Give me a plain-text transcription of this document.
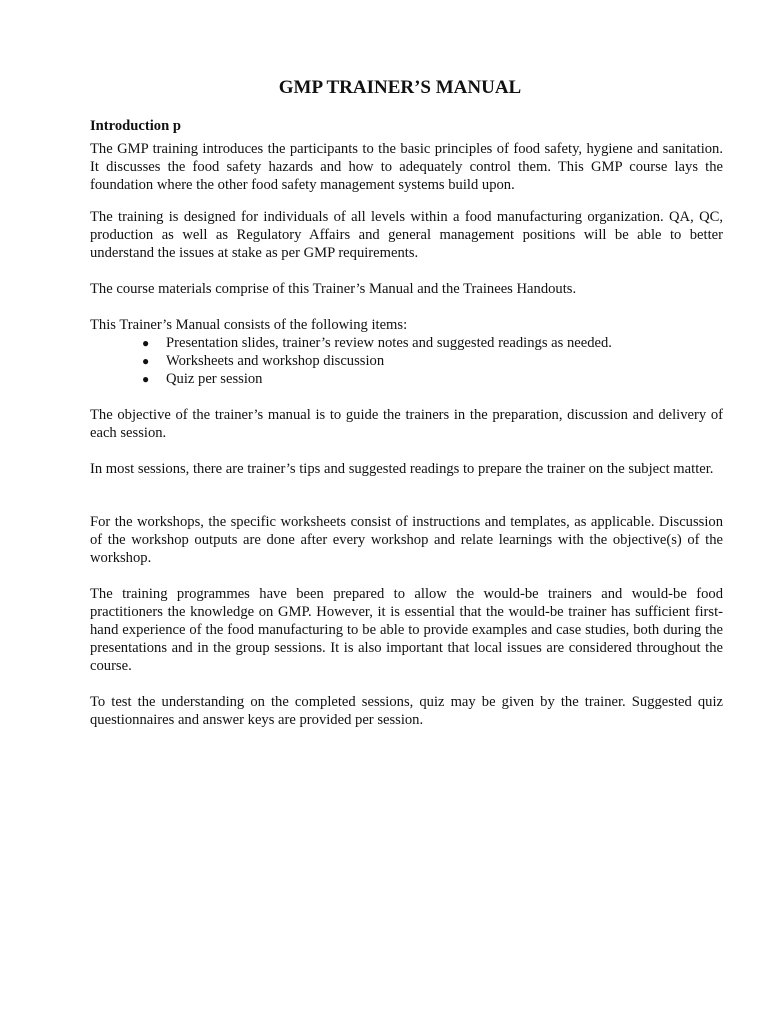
GMP TRAINER’S MANUAL
Introduction p

The GMP training introduces the participants to the basic principles of food safety, hygiene and sanitation. It discusses the food safety hazards and how to adequately control them. This GMP course lays the foundation where the other food safety management systems build upon.

The training is designed for individuals of all levels within a food manufacturing organization. QA, QC, production as well as Regulatory Affairs and general management positions will be able to better understand the issues at stake as per GMP requirements.

The course materials comprise of this Trainer’s Manual and the Trainees Handouts.

This Trainer’s Manual consists of the following items:

● Presentation slides, trainer’s review notes and suggested readings as needed.
● Worksheets and workshop discussion
● Quiz per session

The objective of the trainer’s manual is to guide the trainers in the preparation, discussion and delivery of each session.

In most sessions, there are trainer’s tips and suggested readings to prepare the trainer on the subject matter.

For the workshops, the specific worksheets consist of instructions and templates, as applicable. Discussion of the workshop outputs are done after every workshop and relate learnings with the objective(s) of the workshop.

The training programmes have been prepared to allow the would-be trainers and would-be food practitioners the knowledge on GMP. However, it is essential that the would-be trainer has sufficient first-hand experience of the food manufacturing to be able to provide examples and case studies, both during the presentations and in the group sessions. It is also important that local issues are considered throughout the course.

To test the understanding on the completed sessions, quiz may be given by the trainer. Suggested quiz questionnaires and answer keys are provided per session.
